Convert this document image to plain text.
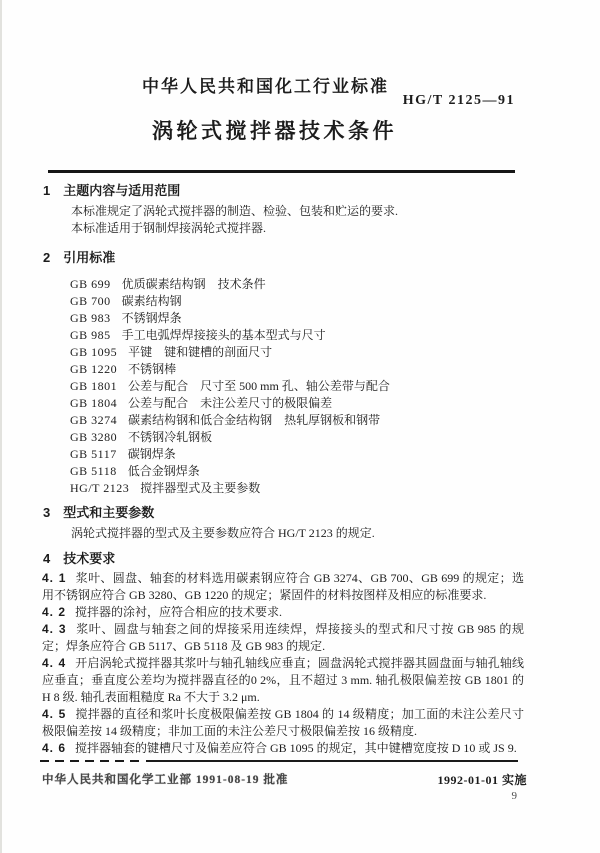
中华人民共和国化工行业标准
HG/T 2125—91
涡轮式搅拌器技术条件
1 主题内容与适用范围

本标准规定了涡轮式搅拌器的制造、检验、包装和贮运的要求.

本标准适用于钢制焊接涡轮式搅拌器.

2 引用标准
GB 699 优质碳素结构钢　技术条件
GB 700 碳素结构钢
GB 983 不锈钢焊条
GB 985 手工电弧焊焊接接头的基本型式与尺寸
GB 1095 平键　键和键槽的剖面尺寸
GB 1220 不锈钢棒
GB 1801 公差与配合　尺寸至 500 mm 孔、轴公差带与配合
GB 1804 公差与配合　未注公差尺寸的极限偏差
GB 3274 碳素结构钢和低合金结构钢　热轧厚钢板和钢带
GB 3280 不锈钢冷轧钢板
GB 5117 碳钢焊条
GB 5118 低合金钢焊条
HG/T 2123 搅拌器型式及主要参数
3 型式和主要参数

涡轮式搅拌器的型式及主要参数应符合 HG/T 2123 的规定.

4 技术要求

4. 1 浆叶、圆盘、轴套的材料选用碳素钢应符合 GB 3274、GB 700、GB 699 的规定；选用不锈钢应符合 GB 3280、GB 1220 的规定；紧固件的材料按图样及相应的标准要求.

4. 2 搅拌器的涂衬，应符合相应的技术要求.

4. 3 浆叶、圆盘与轴套之间的焊接采用连续焊，焊接接头的型式和尺寸按 GB 985 的规定；焊条应符合 GB 5117、GB 5118 及 GB 983 的规定.

4. 4 开启涡轮式搅拌器其浆叶与轴孔轴线应垂直；圆盘涡轮式搅拌器其圆盘面与轴孔轴线应垂直；垂直度公差均为搅拌器直径的0 2%，且不超过 3 mm. 轴孔极限偏差按 GB 1801 的 H 8 级. 轴孔表面粗糙度 Ra 不大于 3.2 μm.

4. 5 搅拌器的直径和浆叶长度极限偏差按 GB 1804 的 14 级精度；加工面的未注公差尺寸极限偏差按 14 级精度；非加工面的未注公差尺寸极限偏差按 16 级精度.

4. 6 搅拌器轴套的键槽尺寸及偏差应符合 GB 1095 的规定，其中键槽宽度按 D 10 或 JS 9.

中华人民共和国化学工业部 1991-08-19 批准	1992-01-01 实施
9
